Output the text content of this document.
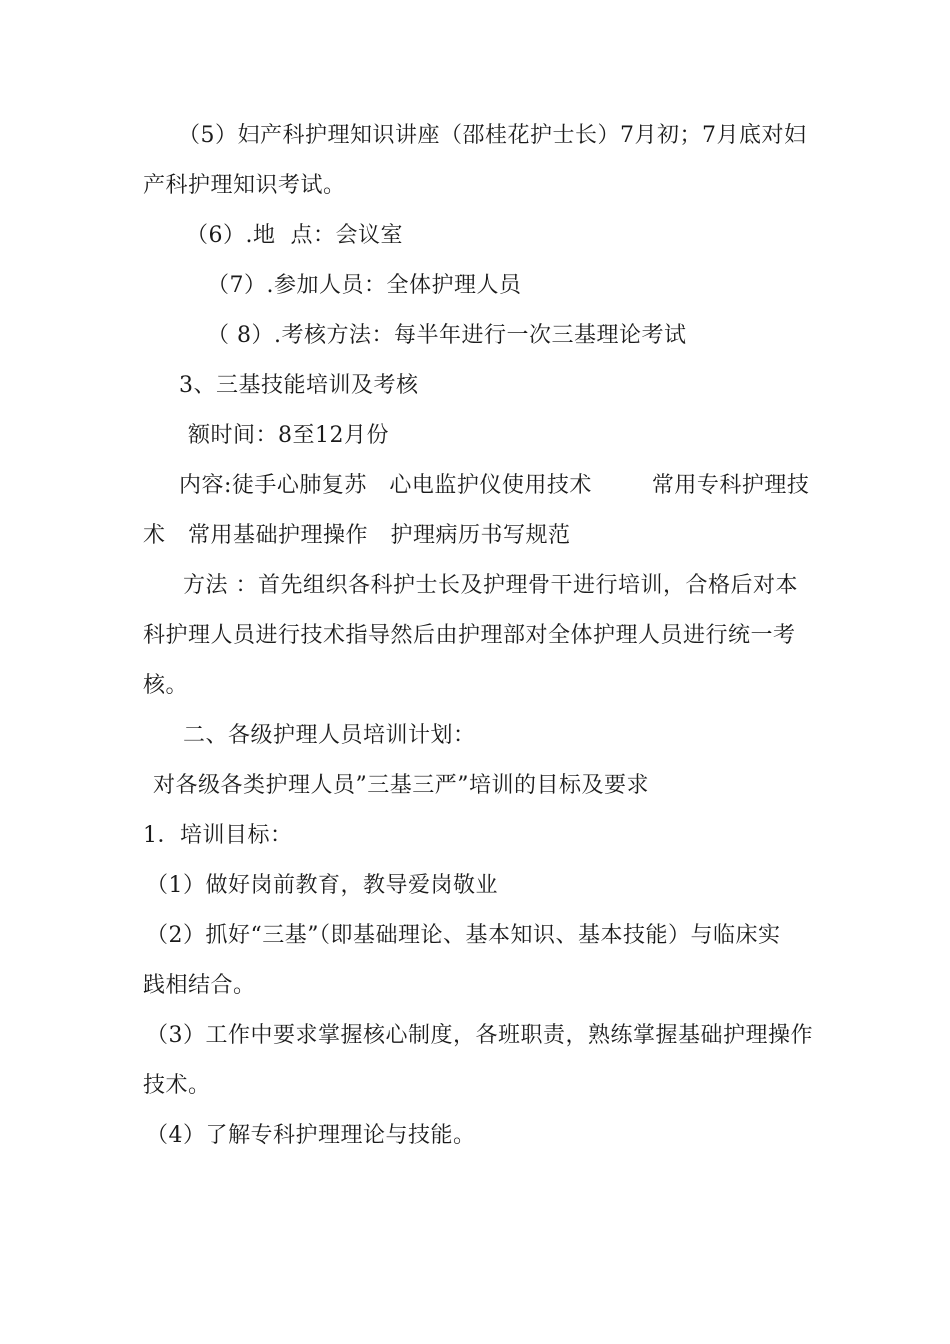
（5）妇产科护理知识讲座（邵桂花护士长）7月初；7月底对妇
产科护理知识考试。
（6）.地  点：会议室
（7）.参加人员：全体护理人员
（ 8）.考核方法：每半年进行一次三基理论考试
3、三基技能培训及考核
额时间：8至12月份
内容:徒手心肺复苏   心电监护仪使用技术        常用专科护理技
术   常用基础护理操作   护理病历书写规范
方法 ：首先组织各科护士长及护理骨干进行培训，合格后对本
科护理人员进行技术指导然后由护理部对全体护理人员进行统一考
核。
二、各级护理人员培训计划：
对各级各类护理人员”三基三严”培训的目标及要求
1．培训目标：
（1）做好岗前教育，教导爱岗敬业
（2）抓好“三基”（即基础理论、基本知识、基本技能）与临床实
践相结合。
（3）工作中要求掌握核心制度，各班职责，熟练掌握基础护理操作
技术。
（4）了解专科护理理论与技能。
